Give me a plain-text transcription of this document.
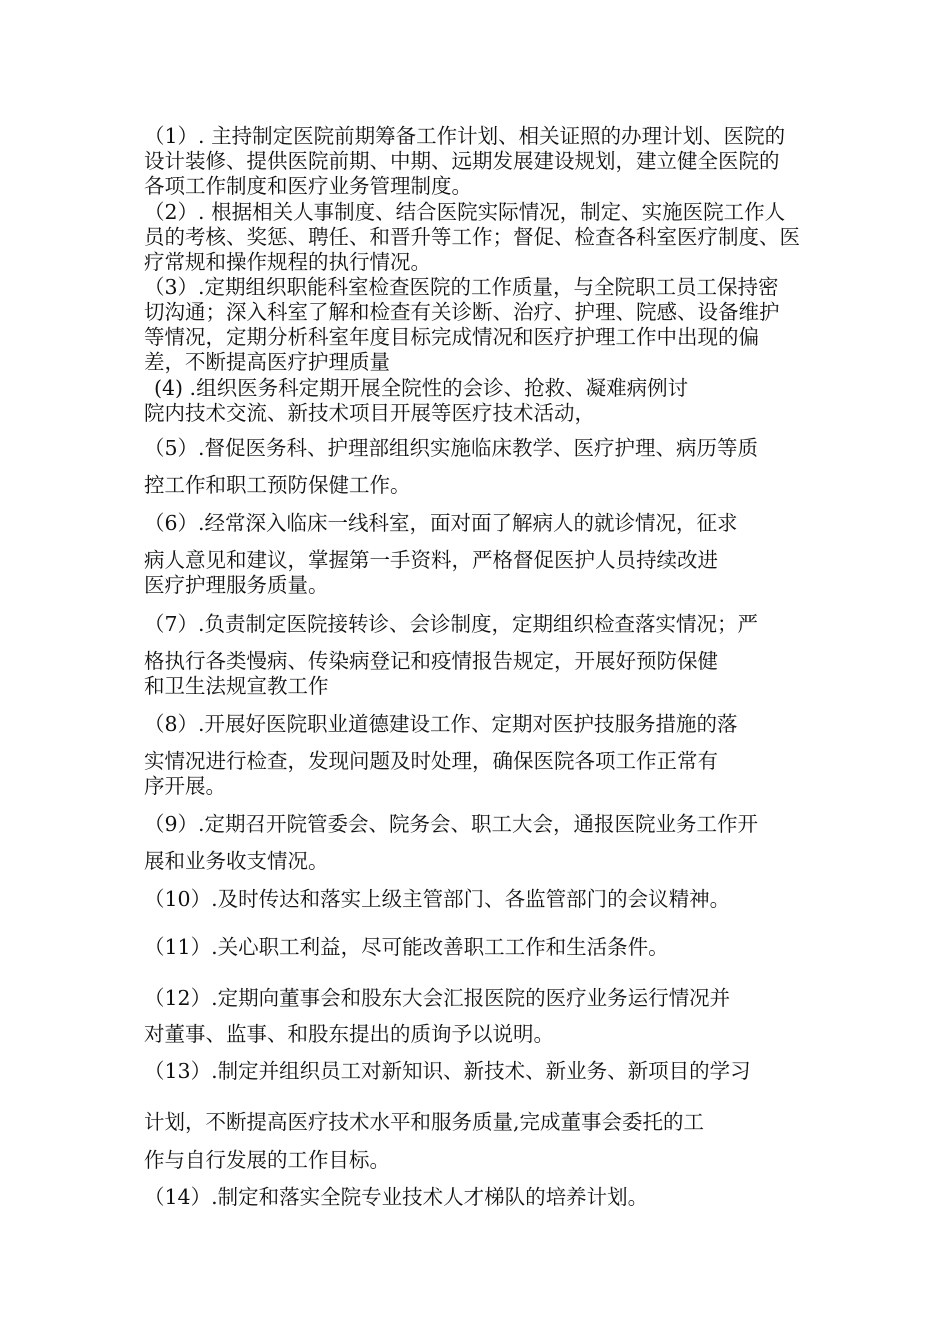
（1）. 主持制定医院前期筹备工作计划、相关证照的办理计划、医院的
设计装修、提供医院前期、中期、远期发展建设规划，建立健全医院的
各项工作制度和医疗业务管理制度。
（2）. 根据相关人事制度、结合医院实际情况，制定、实施医院工作人
员的考核、奖惩、聘任、和晋升等工作；督促、检查各科室医疗制度、医
疗常规和操作规程的执行情况。
（3）.定期组织职能科室检查医院的工作质量，与全院职工员工保持密
切沟通；深入科室了解和检查有关诊断、治疗、护理、院感、设备维护
等情况，定期分析科室年度目标完成情况和医疗护理工作中出现的偏
差，不断提高医疗护理质量
(4) .组织医务科定期开展全院性的会诊、抢救、凝难病例讨
院内技术交流、新技术项目开展等医疗技术活动，
（5）.督促医务科、护理部组织实施临床教学、医疗护理、病历等质
控工作和职工预防保健工作。
（6）.经常深入临床一线科室，面对面了解病人的就诊情况，征求
病人意见和建议，掌握第一手资料，严格督促医护人员持续改进
医疗护理服务质量。
（7）.负责制定医院接转诊、会诊制度，定期组织检查落实情况；严
格执行各类慢病、传染病登记和疫情报告规定，开展好预防保健
和卫生法规宣教工作
（8）.开展好医院职业道德建设工作、定期对医护技服务措施的落
实情况进行检查，发现问题及时处理，确保医院各项工作正常有
序开展。
（9）.定期召开院管委会、院务会、职工大会，通报医院业务工作开
展和业务收支情况。
（10）.及时传达和落实上级主管部门、各监管部门的会议精神。
（11）.关心职工利益，尽可能改善职工工作和生活条件。
（12）.定期向董事会和股东大会汇报医院的医疗业务运行情况并
对董事、监事、和股东提出的质询予以说明。
（13）.制定并组织员工对新知识、新技术、新业务、新项目的学习
计划，不断提高医疗技术水平和服务质量,完成董事会委托的工
作与自行发展的工作目标。
（14）.制定和落实全院专业技术人才梯队的培养计划。
